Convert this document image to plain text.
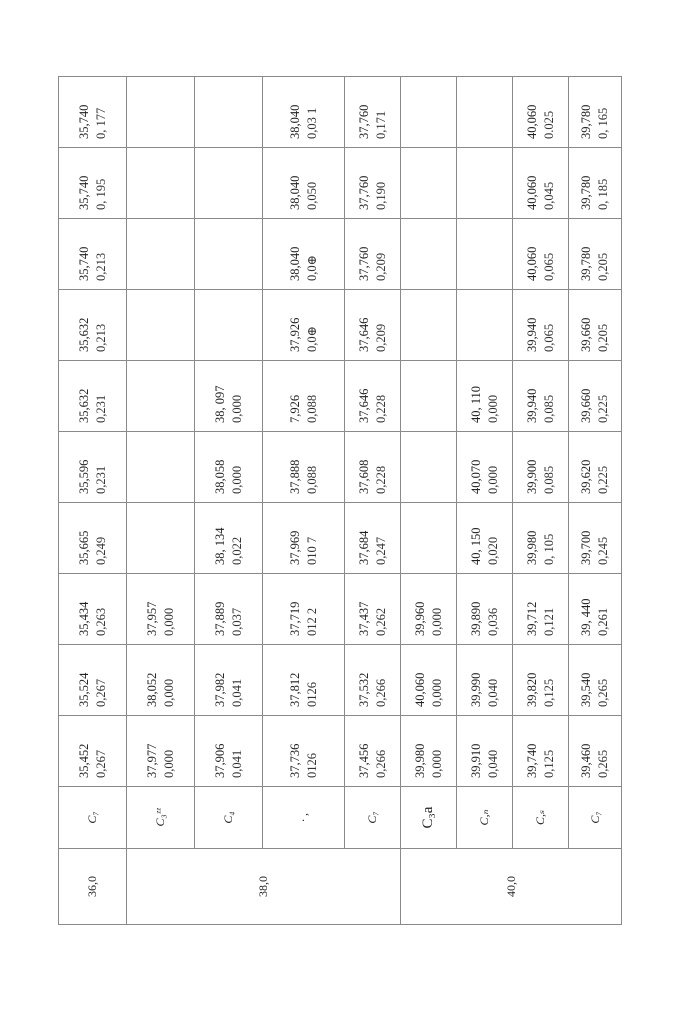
36,0	C₇	35,452 0,267	35,524 0,267	35,434 0,263	35,665 0,249	35,596 0,231	35,632 0,231	35,632 0,213	35,740 0,213	35,740 0, 195	35,740 0, 177

38,0	C₃ᶻᶻ	37,977 0,000	38,052 0,000	37,957 0,000							

	C₄	37,906 0,041	37,982 0,041	37,889 0,037	38, 134 0,022	38,058 0,000	38, 097 0,000				

	· ,	37,736 0126	37,812 0126	37,719 012 2	37,969 010 7	37,888 0,088	7,926 0,088	37,926 0,0⊕	38,040 0,0⊕	38,040 0,050	38,040 0,03 1

	C₇	37,456 0,266	37,532 0,266	37,437 0,262	37,684 0,247	37,608 0,228	37,646 0,228	37,646 0,209	37,760 0,209	37,760 0,190	37,760 0,171

40,0	C₃a	39,980 0,000	40,060 0,000	39,960 0,000							

	C,ₙ	39,910 0,040	39,990 0,040	39,890 0,036	40, 150 0,020	40,070 0,000	40, 110 0,000				

	C,ₛ	39,740 0,125	39,820 0,125	39,712 0,121	39,980 0, 105	39,900 0,085	39,940 0,085	39,940 0,065	40,060 0,065	40,060 0,045	40,060 0.025

	C₇	39,460 0,265	39,540 0,265	39, 440 0,261	39,700 0,245	39,620 0,225	39,660 0,225	39,660 0,205	39,780 0,205	39,780 0, 185	39,780 0, 165
